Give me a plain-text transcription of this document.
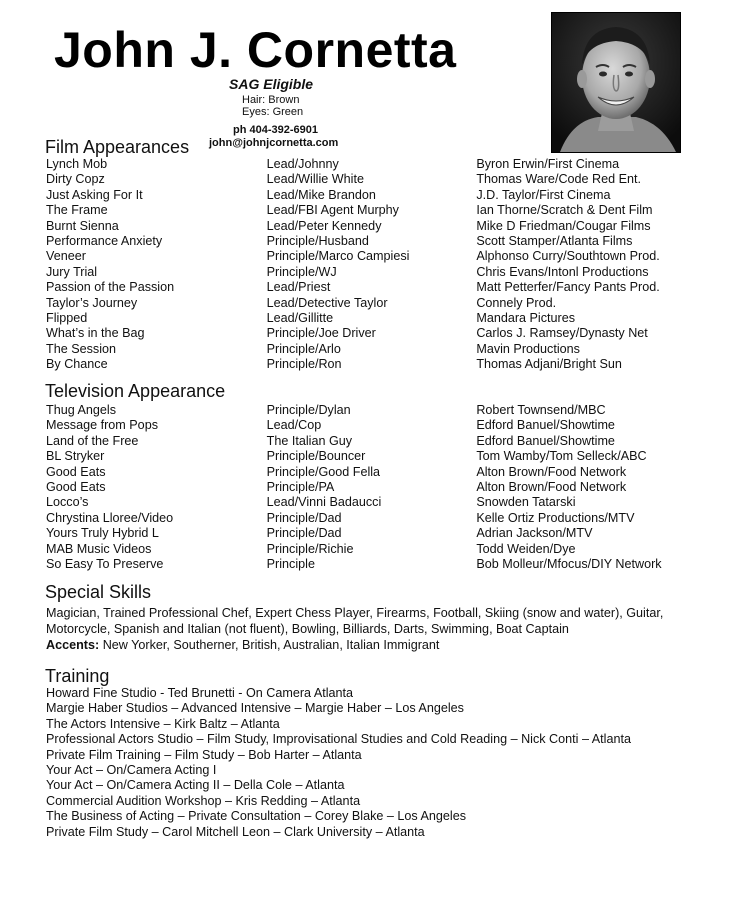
John J. Cornetta
SAG Eligible
Hair: Brown
Eyes: Green
ph 404-392-6901
john@johnjcornetta.com
Film Appearances
Lynch Mob	Lead/Johnny	Byron Erwin/First Cinema
Dirty Copz	Lead/Willie White	Thomas Ware/Code Red Ent.
Just Asking For It	Lead/Mike Brandon	J.D. Taylor/First Cinema
The Frame	Lead/FBI Agent Murphy	Ian Thorne/Scratch & Dent Film
Burnt Sienna	Lead/Peter Kennedy	Mike D Friedman/Cougar Films
Performance Anxiety	Principle/Husband	Scott Stamper/Atlanta Films
Veneer	Principle/Marco Campiesi	Alphonso Curry/Southtown Prod.
Jury Trial	Principle/WJ	Chris Evans/Intonl Productions
Passion of the Passion	Lead/Priest	Matt Petterfer/Fancy Pants Prod.
Taylor’s Journey	Lead/Detective Taylor	Connely Prod.
Flipped	Lead/Gillitte	Mandara Pictures
What’s in the Bag	Principle/Joe Driver	Carlos J. Ramsey/Dynasty Net
The Session	Principle/Arlo	Mavin Productions
By Chance	Principle/Ron	Thomas Adjani/Bright Sun
Television Appearance
Thug Angels	Principle/Dylan	Robert Townsend/MBC
Message from Pops	Lead/Cop	Edford Banuel/Showtime
Land of the Free	The Italian Guy	Edford Banuel/Showtime
BL Stryker	Principle/Bouncer	Tom Wamby/Tom Selleck/ABC
Good Eats	Principle/Good Fella	Alton Brown/Food Network
Good Eats	Principle/PA	Alton Brown/Food Network
Locco’s	Lead/Vinni Badaucci	Snowden Tatarski
Chrystina Lloree/Video	Principle/Dad	Kelle Ortiz Productions/MTV
Yours Truly Hybrid L	Principle/Dad	Adrian Jackson/MTV
MAB Music Videos	Principle/Richie	Todd Weiden/Dye
So Easy To Preserve	Principle	Bob Molleur/Mfocus/DIY Network
Special Skills
Magician, Trained Professional Chef, Expert Chess Player, Firearms, Football, Skiing (snow and water), Guitar,
Motorcycle, Spanish and Italian (not fluent), Bowling, Billiards, Darts, Swimming, Boat Captain
Accents: New Yorker, Southerner, British, Australian, Italian Immigrant
Training
Howard Fine Studio - Ted Brunetti - On Camera Atlanta
Margie Haber Studios – Advanced Intensive – Margie Haber – Los Angeles
The Actors Intensive – Kirk Baltz – Atlanta
Professional Actors Studio – Film Study, Improvisational Studies and Cold Reading – Nick Conti – Atlanta
Private Film Training – Film Study – Bob Harter – Atlanta
Your Act – On/Camera Acting I
Your Act – On/Camera Acting II – Della Cole – Atlanta
Commercial Audition Workshop – Kris Redding – Atlanta
The Business of Acting – Private Consultation – Corey Blake – Los Angeles
Private Film Study – Carol Mitchell Leon – Clark University – Atlanta
